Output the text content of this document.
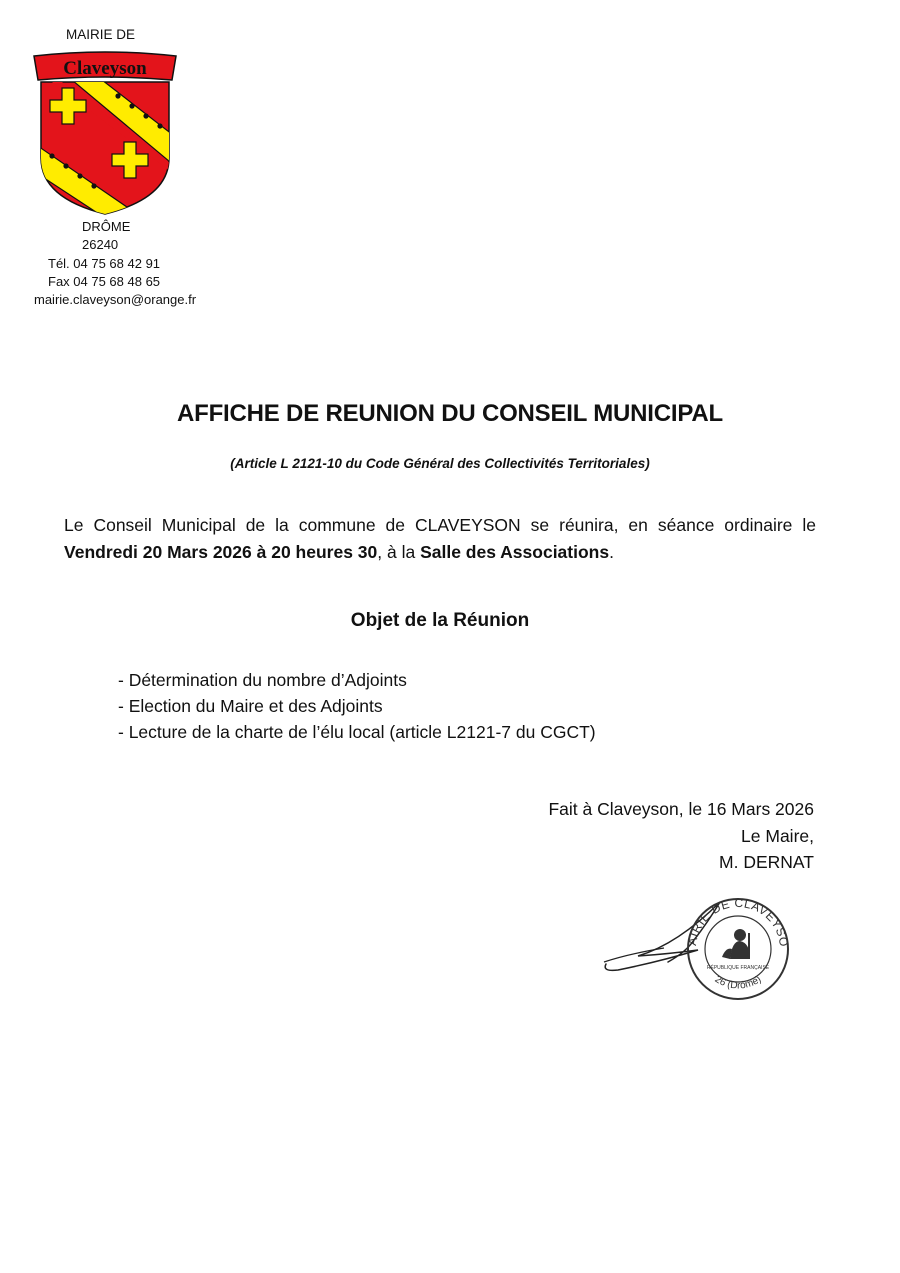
MAIRIE DE
Claveyson
DRÔME
26240
Tél. 04 75 68 42 91
Fax 04 75 68 48 65
mairie.claveyson@orange.fr
AFFICHE DE REUNION DU CONSEIL MUNICIPAL
(Article L 2121-10 du Code Général des Collectivités Territoriales)
Le Conseil Municipal de la commune de CLAVEYSON se réunira, en séance ordinaire le Vendredi 20 Mars 2026 à 20 heures 30, à la Salle des Associations.
Objet de la Réunion
- Détermination du nombre d’Adjoints
- Election du Maire et des Adjoints
- Lecture de la charte de l’élu local (article L2121-7 du CGCT)
Fait à Claveyson, le 16 Mars 2026
Le Maire,
M. DERNAT
AIRIE DE CLAVEYSO
26 (Drôme)
RÉPUBLIQUE FRANÇAISE
